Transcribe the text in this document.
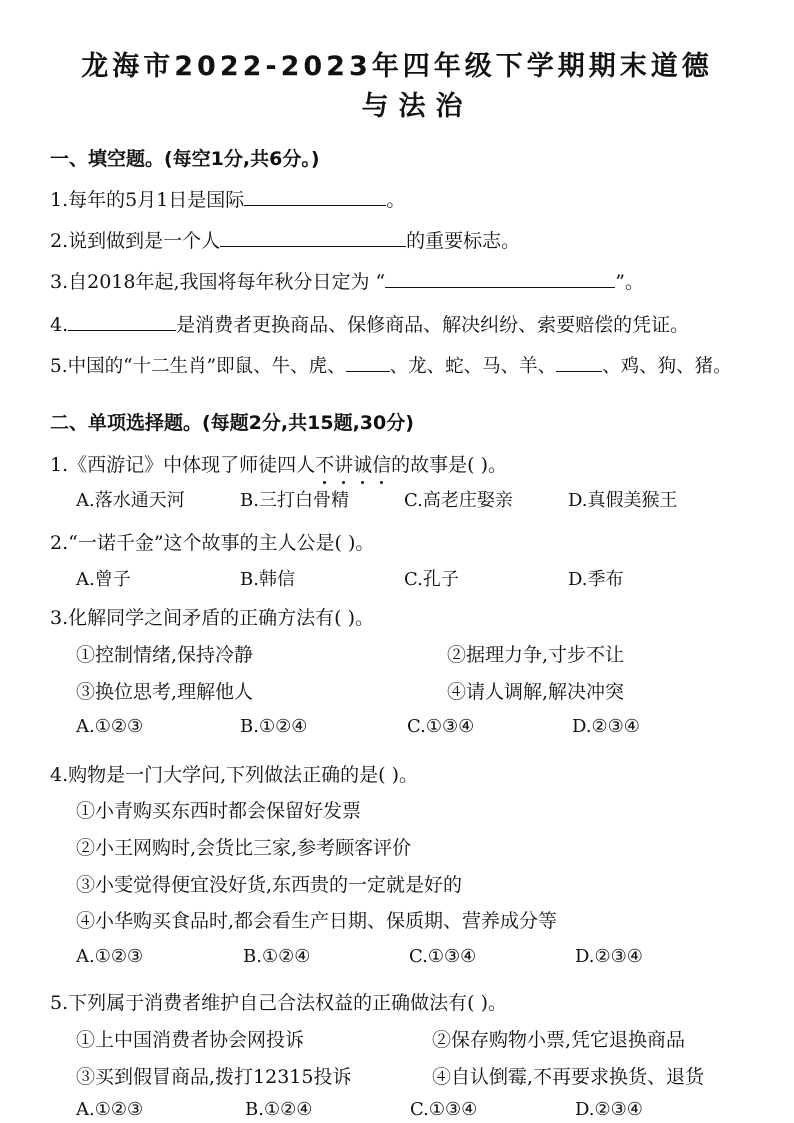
龙海市2022-2023年四年级下学期期末道德
与法治
一、填空题。(每空1分,共6分。)
1.每年的5月1日是国际	。
2.说到做到是一个人	的重要标志。
3.自2018年起,我国将每年秋分日定为 “	”。
4.	是消费者更换商品、保修商品、解决纠纷、索要赔偿的凭证。
5.中国的“十二生肖”即鼠、牛、虎、 、龙、蛇、马、羊、 、鸡、狗、猪。
二、单项选择题。(每题2分,共15题,30分)
1.《西游记》中体现了师徒四人不讲诚信
的故事是( )。
A.落水通天河	B.三打白骨精	C.高老庄娶亲	D.真假美猴王
2.“一诺千金”这个故事的主人公是( )。
A.曾子	B.韩信	C.孔子	D.季布
3.化解同学之间矛盾的正确方法有( )。
①控制情绪,保持冷静	②据理力争,寸步不让
③换位思考,理解他人	④请人调解,解决冲突
A.①②③	B.①②④	C.①③④	D.②③④
4.购物是一门大学问,下列做法正确的是( )。
①小青购买东西时都会保留好发票
②小王网购时,会货比三家,参考顾客评价
③小雯觉得便宜没好货,东西贵的一定就是好的
④小华购买食品时,都会看生产日期、保质期、营养成分等
A.①②③	B.①②④	C.①③④	D.②③④
5.下列属于消费者维护自己合法权益的正确做法有( )。
①上中国消费者协会网投诉	②保存购物小票,凭它退换商品
③买到假冒商品,拨打12315投诉	④自认倒霉,不再要求换货、退货
A.①②③	B.①②④	C.①③④	D.②③④
